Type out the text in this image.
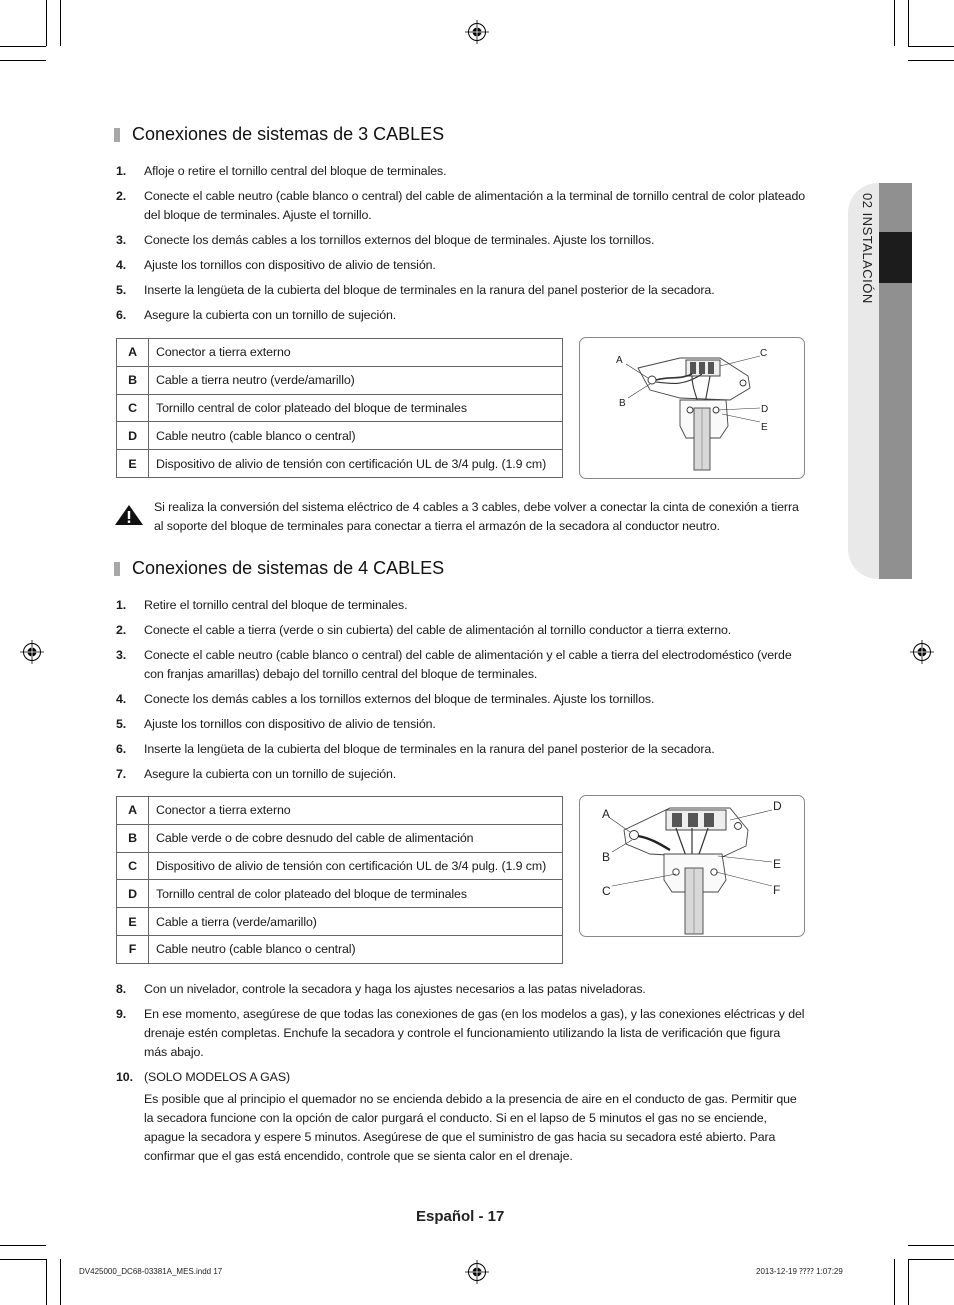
02 INSTALACIÓN
Conexiones de sistemas de 3 CABLES
1.	Afloje o retire el tornillo central del bloque de terminales.
2.	Conecte el cable neutro (cable blanco o central) del cable de alimentación a la terminal de tornillo central de color plateado del bloque de terminales. Ajuste el tornillo.
3.	Conecte los demás cables a los tornillos externos del bloque de terminales. Ajuste los tornillos.
4.	Ajuste los tornillos con dispositivo de alivio de tensión.
5.	Inserte la lengüeta de la cubierta del bloque de terminales en la ranura del panel posterior de la secadora.
6.	Asegure la cubierta con un tornillo de sujeción.
A	Conector a tierra externo
B	Cable a tierra neutro (verde/amarillo)
C	Tornillo central de color plateado del bloque de terminales
D	Cable neutro (cable blanco o central)
E	Dispositivo de alivio de tensión con certificación UL de 3/4 pulg. (1.9 cm)
A
B
C
D
E
Si realiza la conversión del sistema eléctrico de 4 cables a 3 cables, debe volver a conectar la cinta de conexión a tierra al soporte del bloque de terminales para conectar a tierra el armazón de la secadora al conductor neutro.
Conexiones de sistemas de 4 CABLES
1.	Retire el tornillo central del bloque de terminales.
2.	Conecte el cable a tierra (verde o sin cubierta) del cable de alimentación al tornillo conductor a tierra externo.
3.	Conecte el cable neutro (cable blanco o central) del cable de alimentación y el cable a tierra del electrodoméstico (verde con franjas amarillas) debajo del tornillo central del bloque de terminales.
4.	Conecte los demás cables a los tornillos externos del bloque de terminales. Ajuste los tornillos.
5.	Ajuste los tornillos con dispositivo de alivio de tensión.
6.	Inserte la lengüeta de la cubierta del bloque de terminales en la ranura del panel posterior de la secadora.
7.	Asegure la cubierta con un tornillo de sujeción.
A	Conector a tierra externo
B	Cable verde o de cobre desnudo del cable de alimentación
C	Dispositivo de alivio de tensión con certificación UL de 3/4 pulg. (1.9 cm)
D	Tornillo central de color plateado del bloque de terminales
E	Cable a tierra (verde/amarillo)
F	Cable neutro (cable blanco o central)
A
B
C
D
E
F
8.	Con un nivelador, controle la secadora y haga los ajustes necesarios a las patas niveladoras.
9.	En ese momento, asegúrese de que todas las conexiones de gas (en los modelos a gas), y las conexiones eléctricas y del drenaje estén completas. Enchufe la secadora y controle el funcionamiento utilizando la lista de verificación que figura más abajo.
10. (SOLO MODELOS A GAS)
Es posible que al principio el quemador no se encienda debido a la presencia de aire en el conducto de gas. Permitir que la secadora funcione con la opción de calor purgará el conducto. Si en el lapso de 5 minutos el gas no se enciende, apague la secadora y espere 5 minutos. Asegúrese de que el suministro de gas hacia su secadora esté abierto. Para confirmar que el gas está encendido, controle que se sienta calor en el drenaje.
Español - 17
DV425000_DC68-03381A_MES.indd 17	2013-12-19 ⁇⁇ 1:07:29
